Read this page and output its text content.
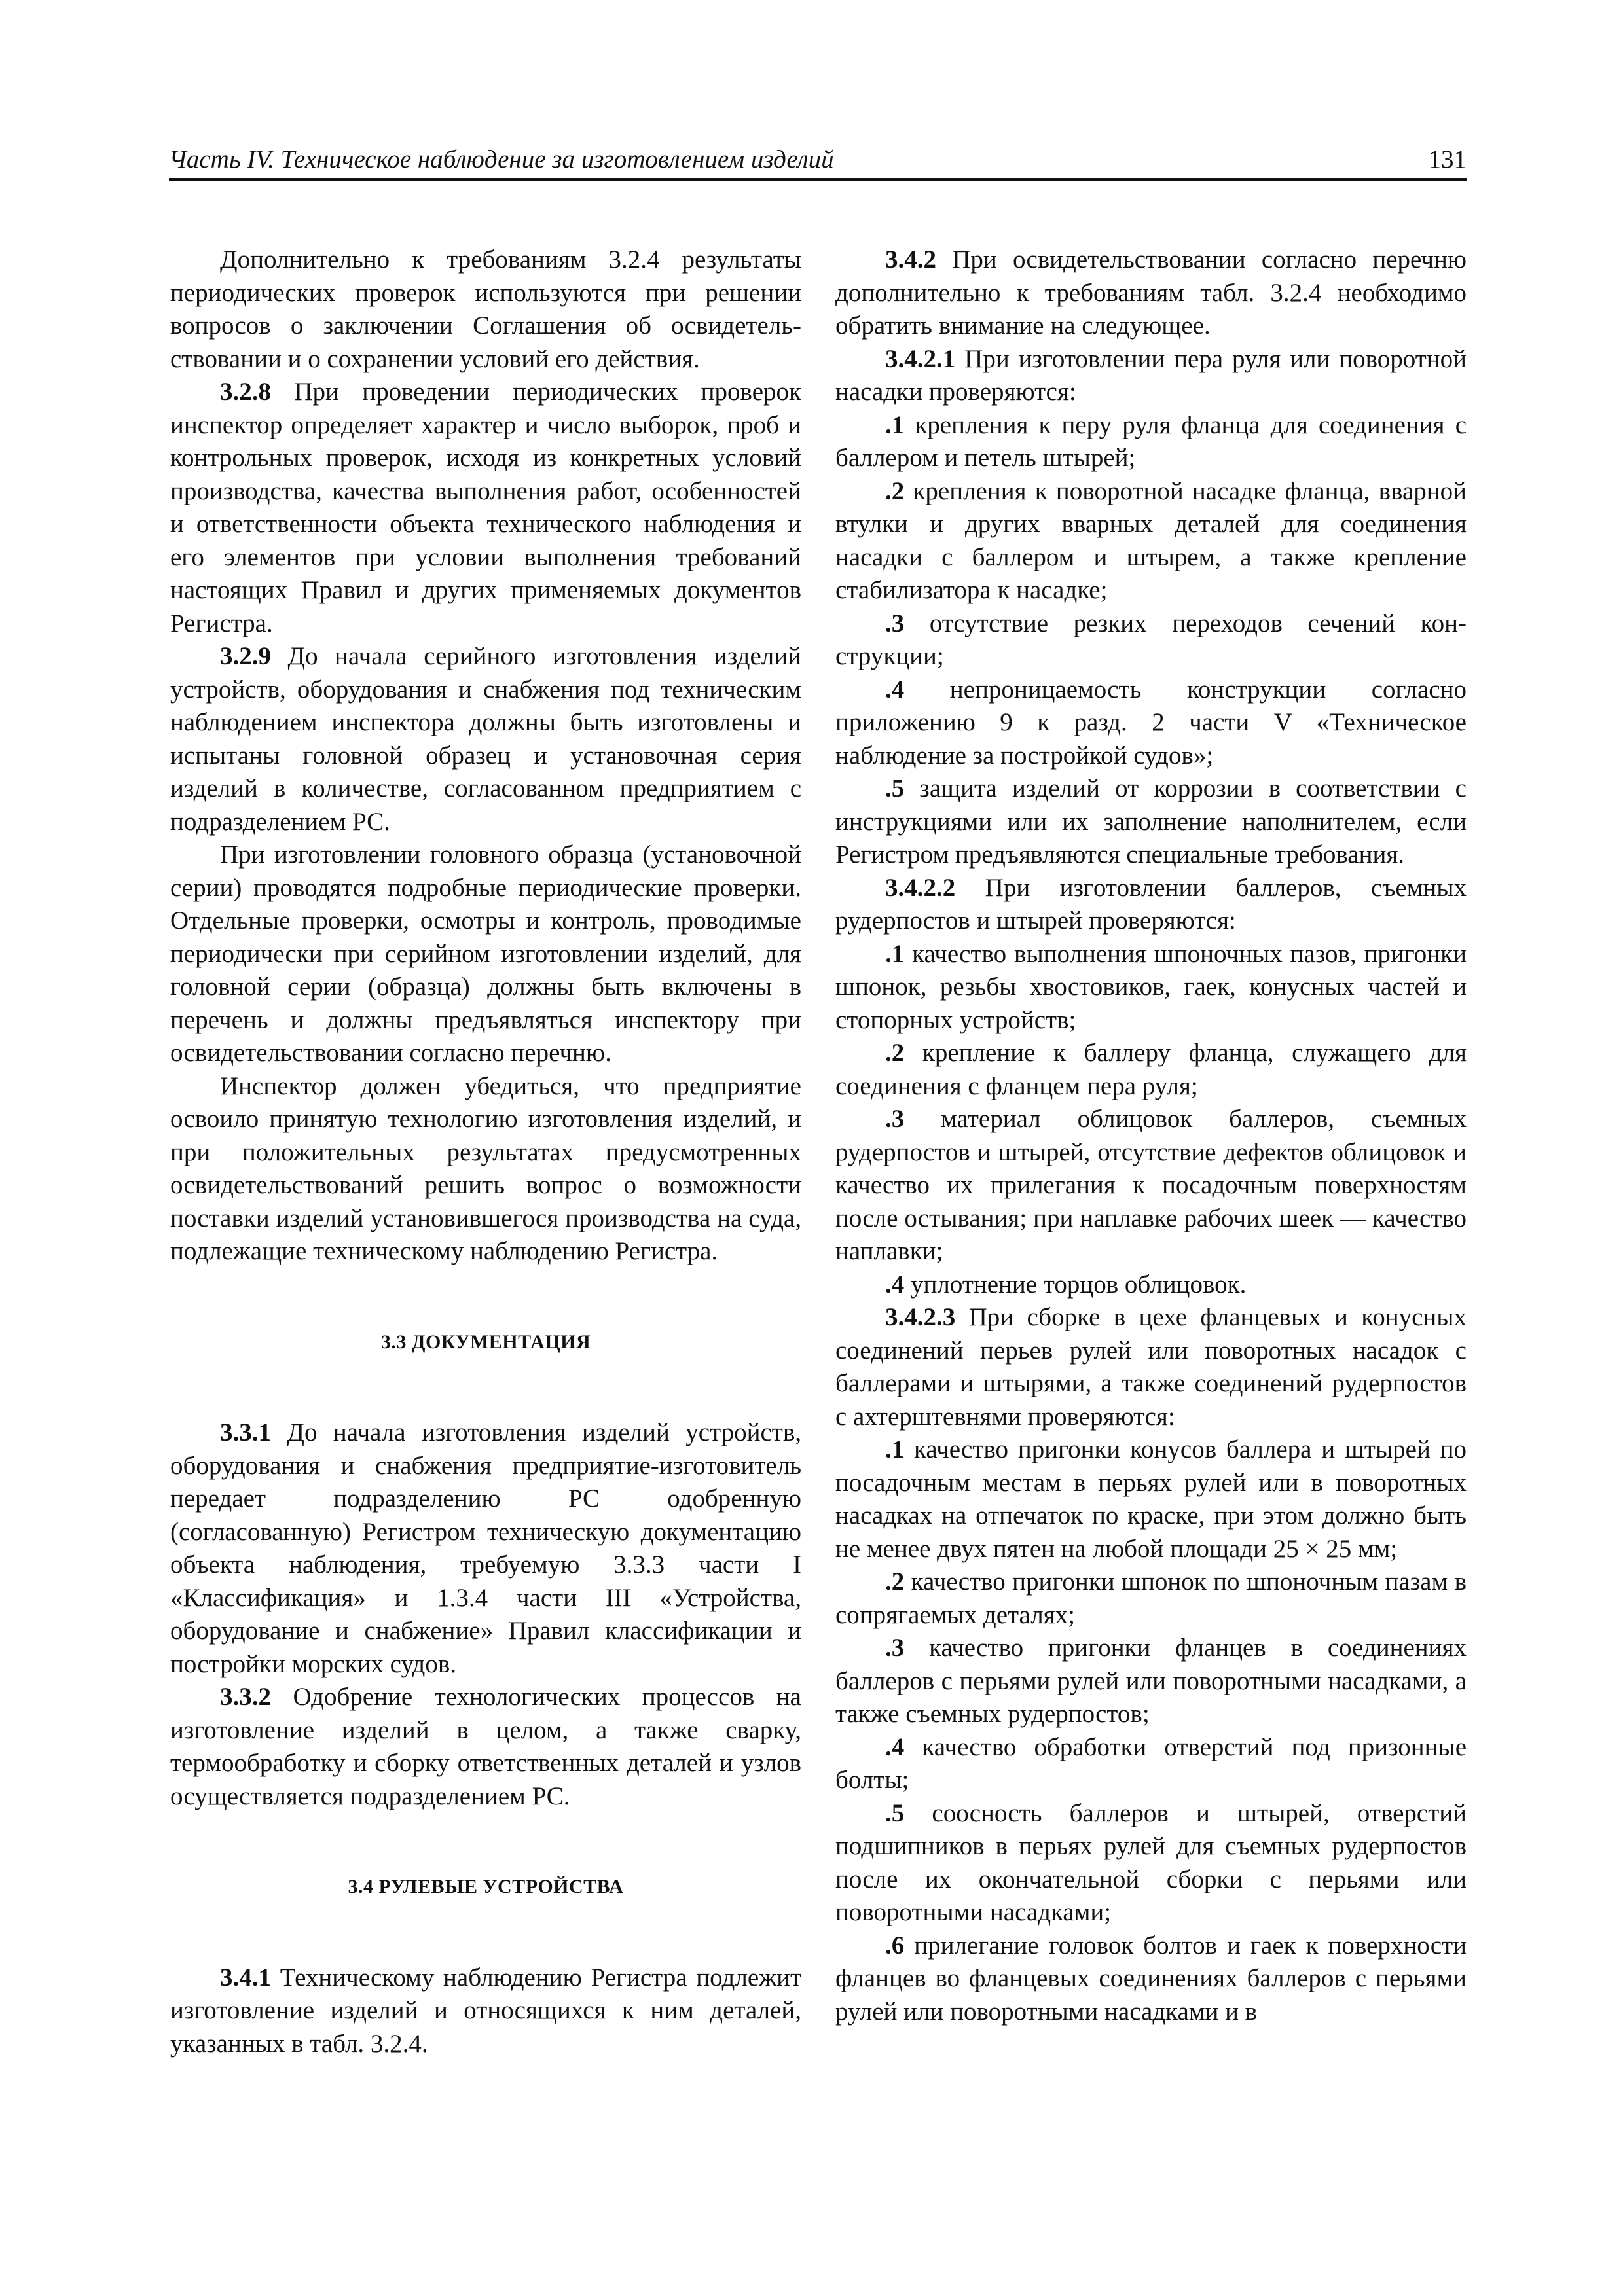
Часть IV. Техническое наблюдение за изготовлением изделий	131

Дополнительно к требованиям 3.2.4 результаты периодических проверок используются при решении вопросов о заключении Соглашения об освидетельствовании и о сохранении условий его действия.

3.2.8 При проведении периодических проверок инспектор определяет характер и число выборок, проб и контрольных проверок, исходя из конкретных условий производства, качества выполнения работ, особенностей и ответственности объекта технического наблюдения и его элементов при условии выполнения требований настоящих Правил и других применяемых документов Регистра.

3.2.9 До начала серийного изготовления изделий устройств, оборудования и снабжения под техническим наблюдением инспектора должны быть изготовлены и испытаны головной образец и установочная серия изделий в количестве, согласованном предприятием с подразделением РС.

При изготовлении головного образца (установочной серии) проводятся подробные периодические проверки. Отдельные проверки, осмотры и контроль, проводимые периодически при серийном изготовлении изделий, для головной серии (образца) должны быть включены в перечень и должны предъявляться инспектору при освидетельствовании согласно перечню.

Инспектор должен убедиться, что предприятие освоило принятую технологию изготовления изделий, и при положительных результатах предусмотренных освидетельствований решить вопрос о возможности поставки изделий установившегося производства на суда, подлежащие техническому наблюдению Регистра.

3.3 ДОКУМЕНТАЦИЯ

3.3.1 До начала изготовления изделий устройств, оборудования и снабжения предприятие-изготовитель передает подразделению РС одобренную (согласованную) Регистром техническую документацию объекта наблюдения, требуемую 3.3.3 части I «Классификация» и 1.3.4 части III «Устройства, оборудование и снабжение» Правил классификации и постройки морских судов.

3.3.2 Одобрение технологических процессов на изготовление изделий в целом, а также сварку, термообработку и сборку ответственных деталей и узлов осуществляется подразделением РС.

3.4 РУЛЕВЫЕ УСТРОЙСТВА

3.4.1 Техническому наблюдению Регистра подлежит изготовление изделий и относящихся к ним деталей, указанных в табл. 3.2.4.

3.4.2 При освидетельствовании согласно перечню дополнительно к требованиям табл. 3.2.4 необходимо обратить внимание на следующее.

3.4.2.1 При изготовлении пера руля или поворотной насадки проверяются:

.1 крепления к перу руля фланца для соединения с баллером и петель штырей;

.2 крепления к поворотной насадке фланца, вварной втулки и других вварных деталей для соединения насадки с баллером и штырем, а также крепление стабилизатора к насадке;

.3 отсутствие резких переходов сечений конструкции;

.4 непроницаемость конструкции согласно приложению 9 к разд. 2 части V «Техническое наблюдение за постройкой судов»;

.5 защита изделий от коррозии в соответствии с инструкциями или их заполнение наполнителем, если Регистром предъявляются специальные требования.

3.4.2.2 При изготовлении баллеров, съемных рудерпостов и штырей проверяются:

.1 качество выполнения шпоночных пазов, пригонки шпонок, резьбы хвостовиков, гаек, конусных частей и стопорных устройств;

.2 крепление к баллеру фланца, служащего для соединения с фланцем пера руля;

.3 материал облицовок баллеров, съемных рудерпостов и штырей, отсутствие дефектов облицовок и качество их прилегания к посадочным поверхностям после остывания; при наплавке рабочих шеек — качество наплавки;

.4 уплотнение торцов облицовок.

3.4.2.3 При сборке в цехе фланцевых и конусных соединений перьев рулей или поворотных насадок с баллерами и штырями, а также соединений рудерпостов с ахтерштевнями проверяются:

.1 качество пригонки конусов баллера и штырей по посадочным местам в перьях рулей или в поворотных насадках на отпечаток по краске, при этом должно быть не менее двух пятен на любой площади 25 × 25 мм;

.2 качество пригонки шпонок по шпоночным пазам в сопрягаемых деталях;

.3 качество пригонки фланцев в соединениях баллеров с перьями рулей или поворотными насадками, а также съемных рудерпостов;

.4 качество обработки отверстий под призонные болты;

.5 соосность баллеров и штырей, отверстий подшипников в перьях рулей для съемных рудерпостов после их окончательной сборки с перьями или поворотными насадками;

.6 прилегание головок болтов и гаек к поверхности фланцев во фланцевых соединениях баллеров с перьями рулей или поворотными насадками и в
